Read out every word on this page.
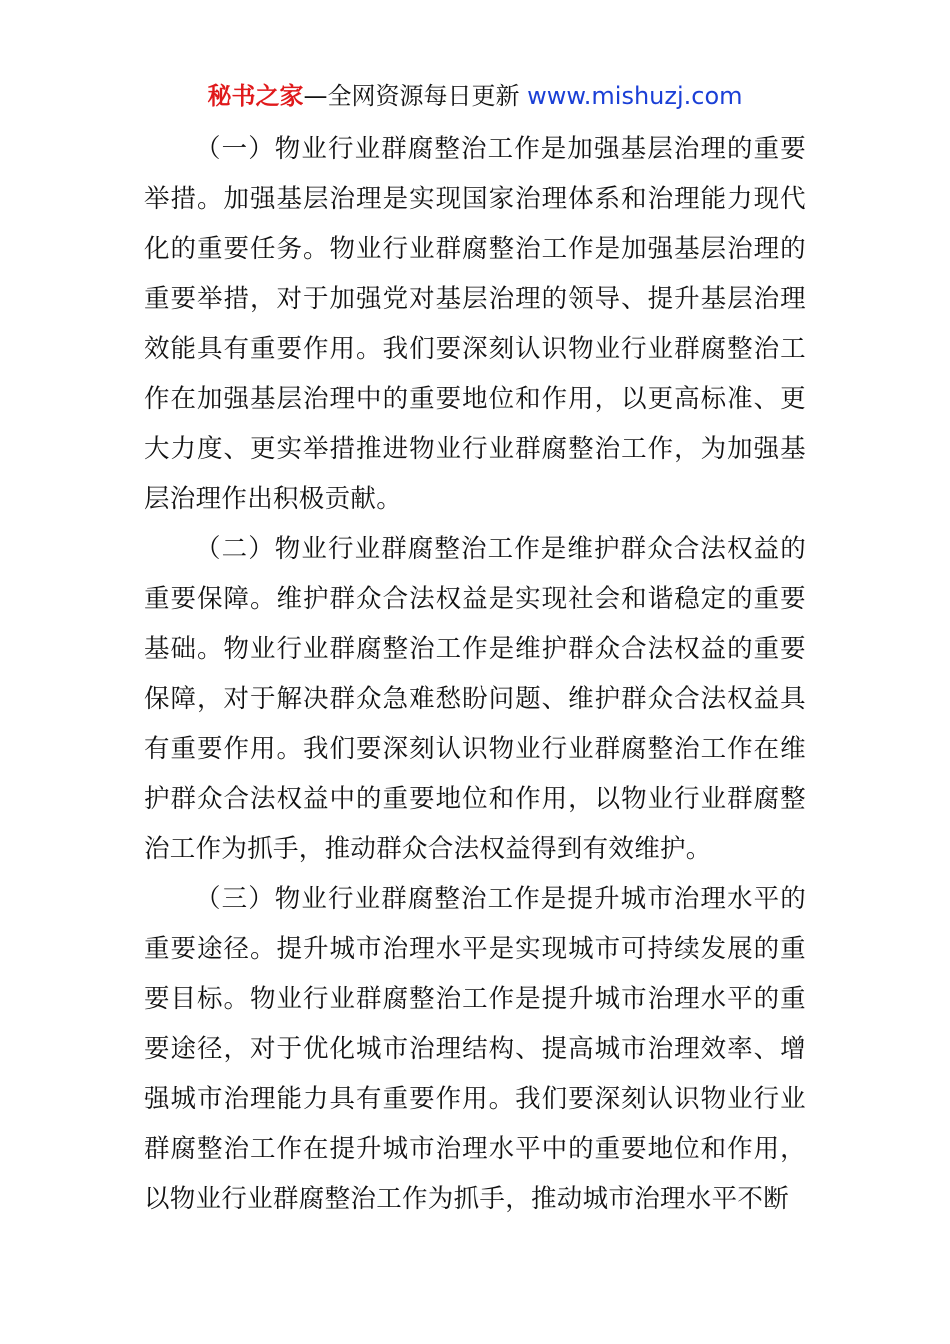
秘书之家—全网资源每日更新 www.mishuzj.com

（一）物业行业群腐整治工作是加强基层治理的重要举措。加强基层治理是实现国家治理体系和治理能力现代化的重要任务。物业行业群腐整治工作是加强基层治理的重要举措，对于加强党对基层治理的领导、提升基层治理效能具有重要作用。我们要深刻认识物业行业群腐整治工作在加强基层治理中的重要地位和作用，以更高标准、更大力度、更实举措推进物业行业群腐整治工作，为加强基层治理作出积极贡献。

（二）物业行业群腐整治工作是维护群众合法权益的重要保障。维护群众合法权益是实现社会和谐稳定的重要基础。物业行业群腐整治工作是维护群众合法权益的重要保障，对于解决群众急难愁盼问题、维护群众合法权益具有重要作用。我们要深刻认识物业行业群腐整治工作在维护群众合法权益中的重要地位和作用，以物业行业群腐整治工作为抓手，推动群众合法权益得到有效维护。

（三）物业行业群腐整治工作是提升城市治理水平的重要途径。提升城市治理水平是实现城市可持续发展的重要目标。物业行业群腐整治工作是提升城市治理水平的重要途径，对于优化城市治理结构、提高城市治理效率、增强城市治理能力具有重要作用。我们要深刻认识物业行业群腐整治工作在提升城市治理水平中的重要地位和作用，以物业行业群腐整治工作为抓手，推动城市治理水平不断
